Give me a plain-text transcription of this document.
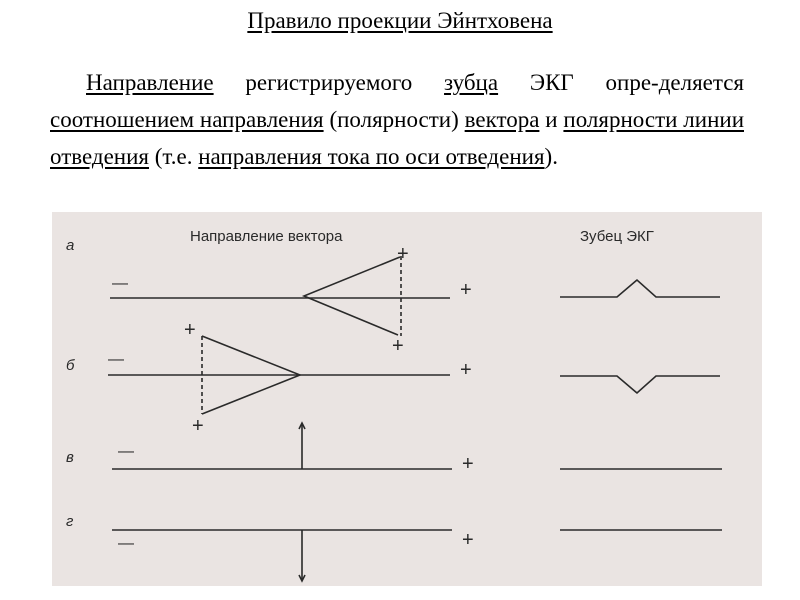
Правило проекции Эйнтховена
Направление регистрируемого зубца ЭКГ опре-деляется соотношением направления (полярности) вектора и полярности линии отведения (т.е. направления тока по оси отведения).
Направление вектора	Зубец ЭКГ
а
—	+
+
+
б —	+
+
+
в	—
+
г
—	+
